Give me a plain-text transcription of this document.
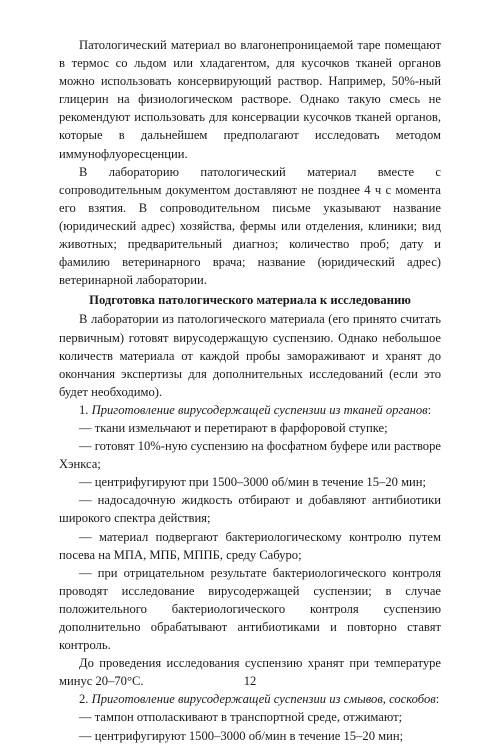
Патологический материал во влагонепроницаемой таре помещают в термос со льдом или хладагентом, для кусочков тканей органов можно использовать консервирующий раствор. Например, 50%-ный глицерин на физиологическом растворе. Однако такую смесь не рекомендуют использовать для консервации кусочков тканей органов, которые в дальнейшем предполагают исследовать методом иммунофлуоресценции.

В лабораторию патологический материал вместе с сопроводительным документом доставляют не позднее 4 ч с момента его взятия. В сопроводительном письме указывают название (юридический адрес) хозяйства, фермы или отделения, клиники; вид животных; предварительный диагноз; количество проб; дату и фамилию ветеринарного врача; название (юридический адрес) ветеринарной лаборатории.

Подготовка патологического материала к исследованию

В лаборатории из патологического материала (его принято считать первичным) готовят вирусодержащую суспензию. Однако небольшое количеств материала от каждой пробы замораживают и хранят до окончания экспертизы для дополнительных исследований (если это будет необходимо).

1. Приготовление вирусодержащей суспензии из тканей органов:

— ткани измельчают и перетирают в фарфоровой ступке;

— готовят 10%-ную суспензию на фосфатном буфере или растворе Хэнкса;

— центрифугируют при 1500–3000 об/мин в течение 15–20 мин;

— надосадочную жидкость отбирают и добавляют антибиотики широкого спектра действия;

— материал подвергают бактериологическому контролю путем посева на МПА, МПБ, МППБ, среду Сабуро;

— при отрицательном результате бактериологического контроля проводят исследование вирусодержащей суспензии; в случае положительного бактериологического контроля суспензию дополнительно обрабатывают антибиотиками и повторно ставят контроль.

До проведения исследования суспензию хранят при температуре минус 20–70°С.

2. Приготовление вирусодержащей суспензии из смывов, соскобов:

— тампон отполаскивают в транспортной среде, отжимают;

— центрифугируют 1500–3000 об/мин в течение 15–20 мин;

12
